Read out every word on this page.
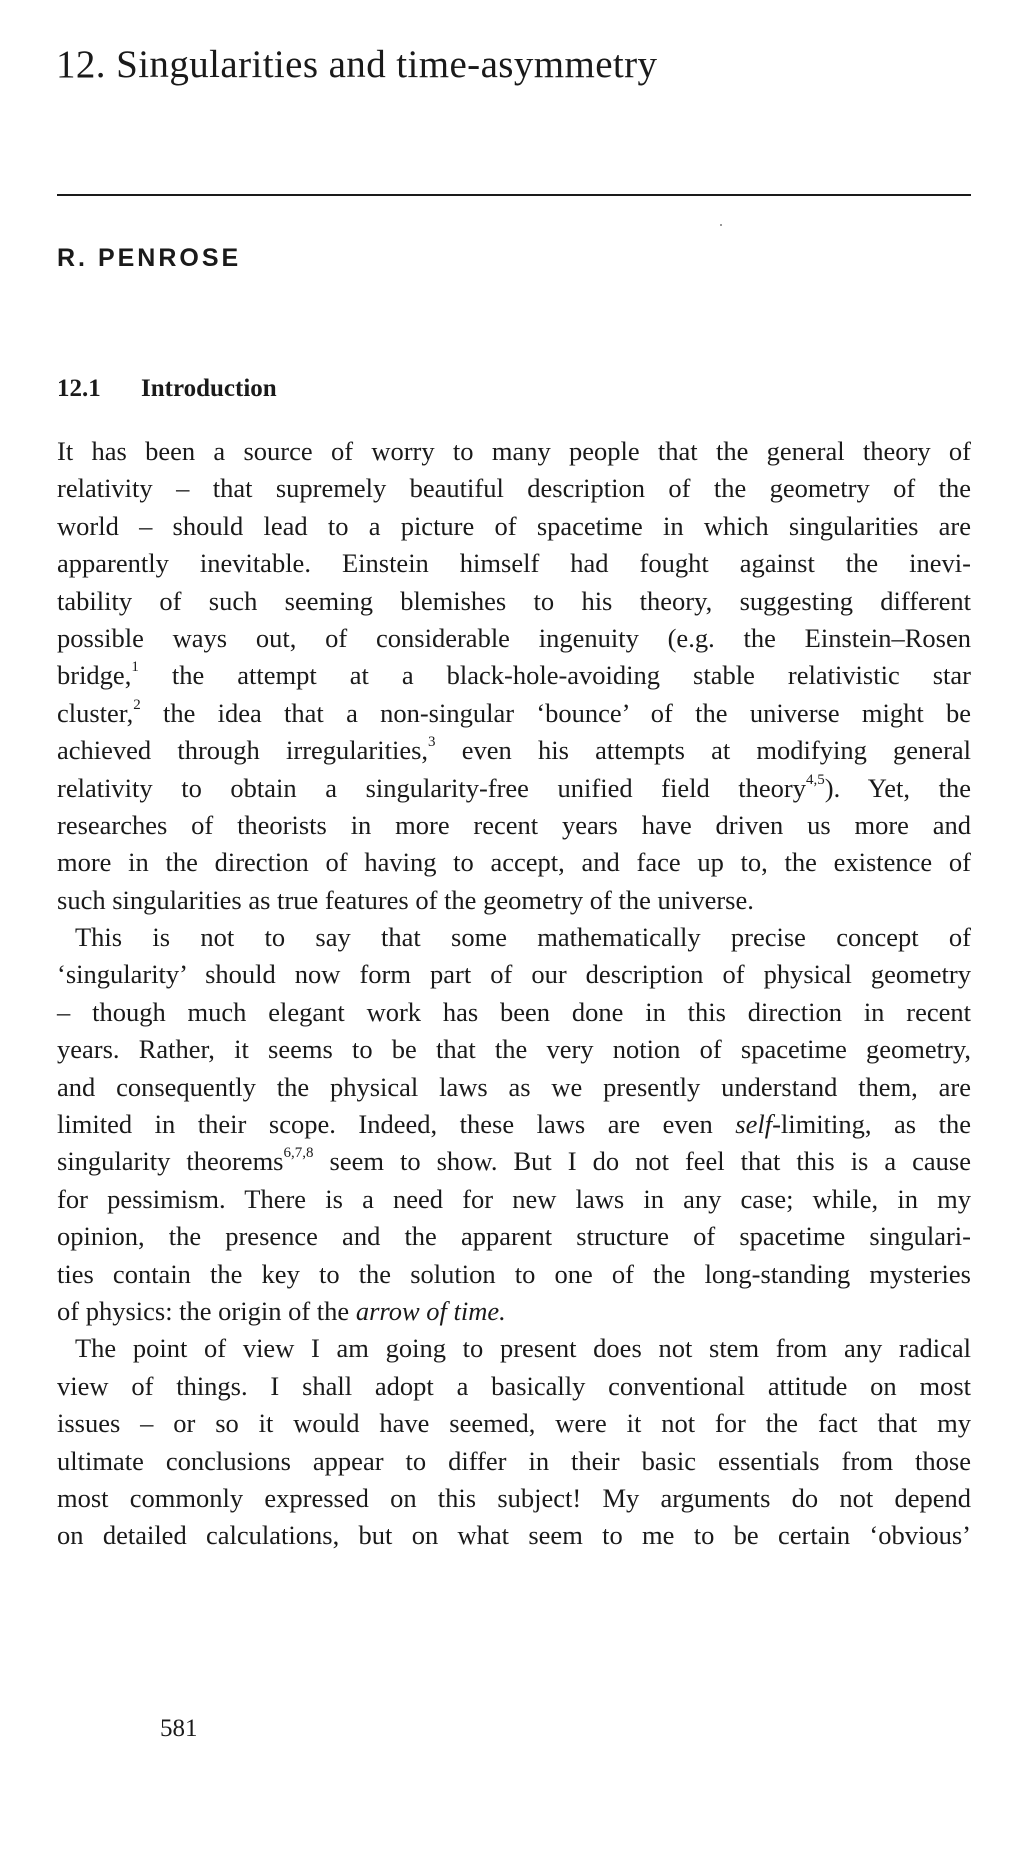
12. Singularities and time-asymmetry

R. PENROSE

12.1 Introduction
It has been a source of worry to many people that the general theory of
relativity – that supremely beautiful description of the geometry of the
world – should lead to a picture of spacetime in which singularities are
apparently inevitable. Einstein himself had fought against the inevi-
tability of such seeming blemishes to his theory, suggesting different
possible ways out, of considerable ingenuity (e.g. the Einstein–Rosen
bridge,$^1$ the attempt at a black-hole-avoiding stable relativistic star
cluster,$^2$ the idea that a non-singular ‘bounce’ of the universe might be
achieved through irregularities,$^3$ even his attempts at modifying general
relativity to obtain a singularity-free unified field theory$^{4,5}$). Yet, the
researches of theorists in more recent years have driven us more and
more in the direction of having to accept, and face up to, the existence of
such singularities as true features of the geometry of the universe.
This is not to say that some mathematically precise concept of
‘singularity’ should now form part of our description of physical geometry
– though much elegant work has been done in this direction in recent
years. Rather, it seems to be that the very notion of spacetime geometry,
and consequently the physical laws as we presently understand them, are
limited in their scope. Indeed, these laws are even self-limiting, as the
singularity theorems$^{6,7,8}$ seem to show. But I do not feel that this is a cause
for pessimism. There is a need for new laws in any case; while, in my
opinion, the presence and the apparent structure of spacetime singulari-
ties contain the key to the solution to one of the long-standing mysteries
of physics: the origin of the arrow of time.
The point of view I am going to present does not stem from any radical
view of things. I shall adopt a basically conventional attitude on most
issues – or so it would have seemed, were it not for the fact that my
ultimate conclusions appear to differ in their basic essentials from those
most commonly expressed on this subject! My arguments do not depend
on detailed calculations, but on what seem to me to be certain ‘obvious’

581
